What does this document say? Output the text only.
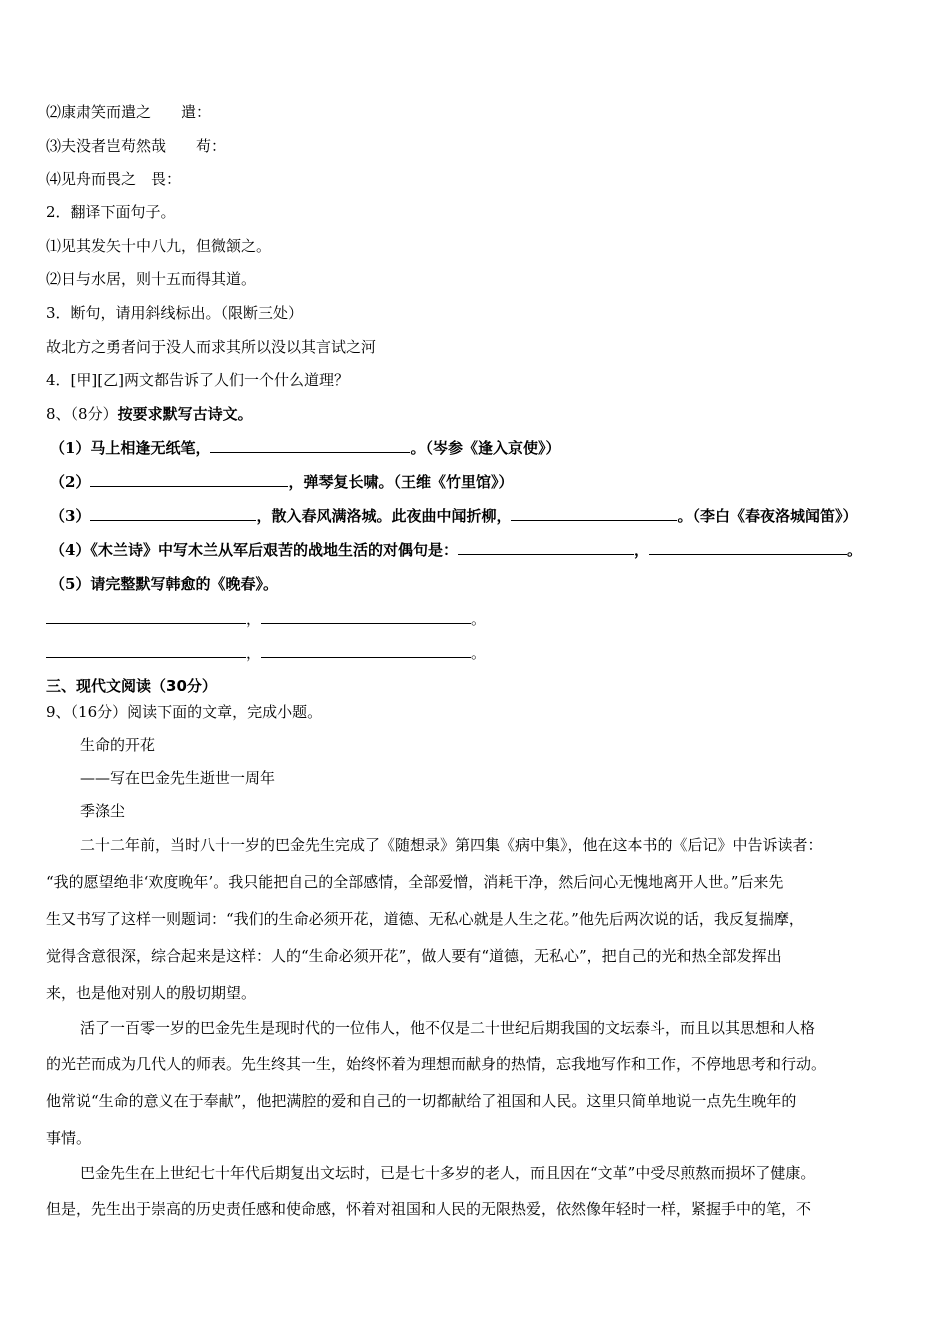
⑵康肃笑而遣之　　遣：
⑶夫没者岂苟然哉　　苟：
⑷见舟而畏之　畏：
2．翻译下面句子。
⑴见其发矢十中八九，但微颔之。
⑵日与水居，则十五而得其道。
3．断句，请用斜线标出。（限断三处）
故北方之勇者问于没人而求其所以没以其言试之河
4．[甲][乙]两文都告诉了人们一个什么道理？
8、（8分）按要求默写古诗文。
（1）马上相逢无纸笔，	。（岑参《逢入京使》）
（2）	，弹琴复长啸。（王维《竹里馆》）
（3）	，散入春风满洛城。此夜曲中闻折柳，	。（李白《春夜洛城闻笛》）
（4）《木兰诗》中写木兰从军后艰苦的战地生活的对偶句是：	，	。
（5）请完整默写韩愈的《晚春》。
，	。
，	。
三、现代文阅读（30分）
9、（16分）阅读下面的文章，完成小题。
生命的开花
——写在巴金先生逝世一周年
季涤尘
二十二年前，当时八十一岁的巴金先生完成了《随想录》第四集《病中集》，他在这本书的《后记》中告诉读者：
“我的愿望绝非‘欢度晚年’。我只能把自己的全部感情，全部爱憎，消耗干净，然后问心无愧地离开人世。”后来先
生又书写了这样一则题词：“我们的生命必须开花，道德、无私心就是人生之花。”他先后两次说的话，我反复揣摩，
觉得含意很深，综合起来是这样：人的“生命必须开花”，做人要有“道德，无私心”，把自己的光和热全部发挥出
来，也是他对别人的殷切期望。
活了一百零一岁的巴金先生是现时代的一位伟人，他不仅是二十世纪后期我国的文坛泰斗，而且以其思想和人格
的光芒而成为几代人的师表。先生终其一生，始终怀着为理想而献身的热情，忘我地写作和工作，不停地思考和行动。
他常说“生命的意义在于奉献”，他把满腔的爱和自己的一切都献给了祖国和人民。这里只简单地说一点先生晚年的
事情。
巴金先生在上世纪七十年代后期复出文坛时，已是七十多岁的老人，而且因在“文革”中受尽煎熬而损坏了健康。
但是，先生出于崇高的历史责任感和使命感，怀着对祖国和人民的无限热爱，依然像年轻时一样，紧握手中的笔，不
